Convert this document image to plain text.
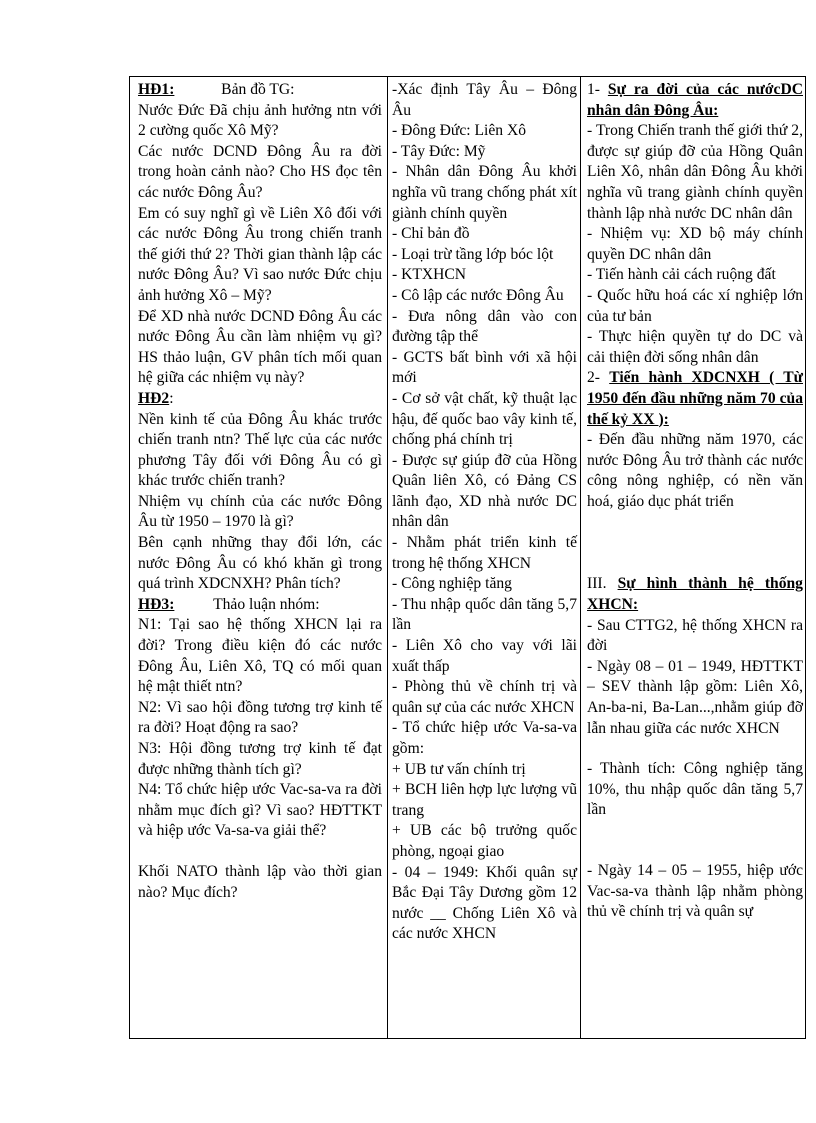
HĐ1:            Bản đồ TG:

Nước Đức Đã chịu ảnh hưởng ntn với 2 cường quốc Xô Mỹ?

Các nước DCND Đông Âu ra đời trong hoàn cảnh nào? Cho HS đọc tên các nước Đông Âu?

Em có suy nghĩ gì về Liên Xô đối với các nước Đông Âu trong chiến tranh thế giới thứ 2? Thời gian thành lập các nước Đông Âu? Vì sao nước Đức chịu ảnh hưởng Xô – Mỹ?

Để XD nhà nước DCND Đông Âu các nước Đông Âu cần làm nhiệm vụ gì? HS thảo luận, GV phân tích mối quan hệ giữa các nhiệm vụ này?

HĐ2:

Nền kinh tế của Đông Âu khác trước chiến tranh ntn? Thế lực của các nước phương Tây đối với Đông Âu có gì khác trước chiến tranh?

Nhiệm vụ chính của các nước Đông Âu từ 1950 – 1970 là gì?

Bên cạnh những thay đổi lớn, các nước Đông Âu có khó khăn gì trong quá trình XDCNXH? Phân tích?

HĐ3:          Thảo luận nhóm:

N1: Tại sao hệ thống XHCN lại ra đời? Trong điều kiện đó các nước Đông Âu, Liên Xô, TQ có mối quan hệ mật thiết ntn?

N2: Vì sao hội đồng tương trợ kinh tế ra đời? Hoạt động ra sao?

N3: Hội đồng tương trợ kinh tế đạt được những thành tích gì?

N4: Tổ chức hiệp ước Vac-sa-va ra đời nhằm mục đích gì? Vì sao? HĐTTKT và hiệp ước Va-sa-va giải thể?

Khối NATO thành lập vào thời gian nào? Mục đích?

-Xác định Tây Âu – Đông Âu

- Đông Đức: Liên Xô

- Tây Đức: Mỹ

- Nhân dân Đông Âu khởi nghĩa vũ trang chống phát xít giành chính quyền

- Chỉ bản đồ

- Loại trừ tầng lớp bóc lột

- KTXHCN

- Cô lập các nước Đông Âu

- Đưa nông dân vào con đường tập thể

- GCTS bất bình với xã hội mới

- Cơ sở vật chất, kỹ thuật lạc hậu, đế quốc bao vây kinh tế, chống phá chính trị

- Được sự giúp đỡ của Hồng Quân liên Xô, có Đảng CS lãnh đạo, XD nhà nước DC nhân dân

- Nhằm phát triển kinh tế trong hệ thống XHCN

- Công nghiệp tăng

- Thu nhập quốc dân tăng 5,7 lần

- Liên Xô cho vay với lãi xuất thấp

- Phòng thủ về chính trị và quân sự của các nước XHCN

- Tổ chức hiệp ước Va-sa-va gồm:

+ UB tư vấn chính trị

+ BCH liên hợp lực lượng vũ trang

+ UB các bộ trưởng quốc phòng, ngoại giao

- 04 – 1949: Khối quân sự Bắc Đại Tây Dương gồm 12 nước __ Chống Liên Xô và các nước XHCN

1- Sự ra đời của các nướcDC nhân dân Đông Âu:

- Trong Chiến tranh thế giới thứ 2, được sự giúp đỡ của Hồng Quân Liên Xô, nhân dân Đông Âu khởi nghĩa vũ trang giành chính quyền thành lập nhà nước DC nhân dân

- Nhiệm vụ: XD bộ máy chính quyền DC nhân dân

- Tiến hành cải cách ruộng đất

- Quốc hữu hoá các xí nghiệp lớn của tư bản

- Thực hiện quyền tự do DC và cải thiện đời sống nhân dân

2- Tiến hành XDCNXH ( Từ 1950 đến đầu những năm 70 của thế kỷ XX ):

- Đến đầu những năm 1970, các nước Đông Âu trở thành các nước công nông nghiệp, có nền văn hoá, giáo dục phát triển

III. Sự hình thành hệ thống XHCN:

- Sau CTTG2, hệ thống XHCN ra đời

- Ngày 08 – 01 – 1949, HĐTTKT – SEV thành lập gồm: Liên Xô, An-ba-ni, Ba-Lan...,nhằm giúp đỡ lẫn nhau giữa các nước XHCN

- Thành tích: Công nghiệp tăng 10%, thu nhập quốc dân tăng 5,7 lần

- Ngày 14 – 05 – 1955, hiệp ước Vac-sa-va thành lập nhằm phòng thủ về chính trị và quân sự
